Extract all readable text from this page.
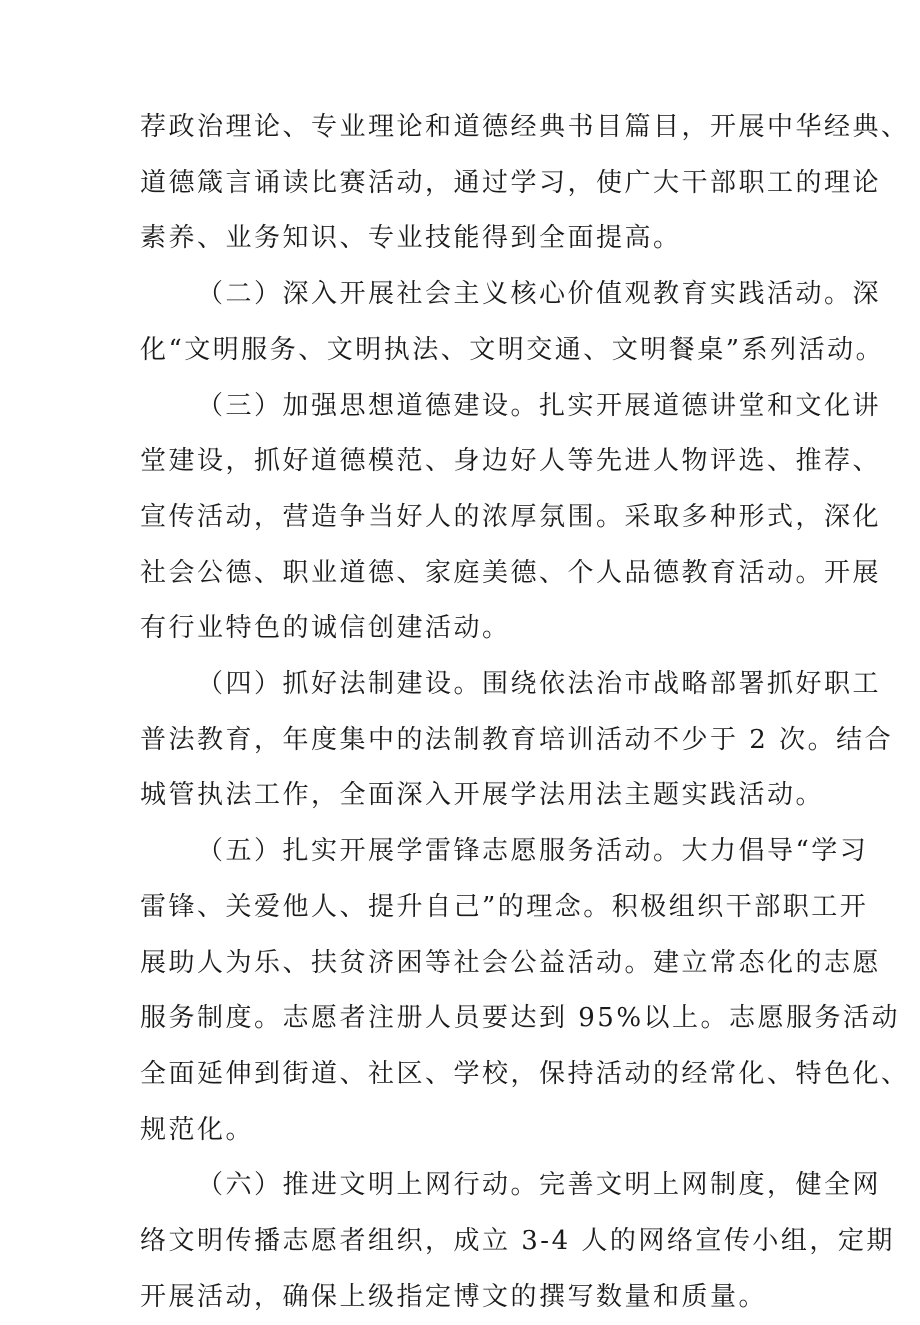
荐政治理论、专业理论和道德经典书目篇目，开展中华经典、
道德箴言诵读比赛活动，通过学习，使广大干部职工的理论
素养、业务知识、专业技能得到全面提高。
（二）深入开展社会主义核心价值观教育实践活动。深
化“文明服务、文明执法、文明交通、文明餐桌”系列活动。
（三）加强思想道德建设。扎实开展道德讲堂和文化讲
堂建设，抓好道德模范、身边好人等先进人物评选、推荐、
宣传活动，营造争当好人的浓厚氛围。采取多种形式，深化
社会公德、职业道德、家庭美德、个人品德教育活动。开展
有行业特色的诚信创建活动。
（四）抓好法制建设。围绕依法治市战略部署抓好职工
普法教育，年度集中的法制教育培训活动不少于 2 次。结合
城管执法工作，全面深入开展学法用法主题实践活动。
（五）扎实开展学雷锋志愿服务活动。大力倡导“学习
雷锋、关爱他人、提升自己”的理念。积极组织干部职工开
展助人为乐、扶贫济困等社会公益活动。建立常态化的志愿
服务制度。志愿者注册人员要达到 95%以上。志愿服务活动
全面延伸到街道、社区、学校，保持活动的经常化、特色化、
规范化。
（六）推进文明上网行动。完善文明上网制度，健全网
络文明传播志愿者组织，成立 3-4 人的网络宣传小组，定期
开展活动，确保上级指定博文的撰写数量和质量。
